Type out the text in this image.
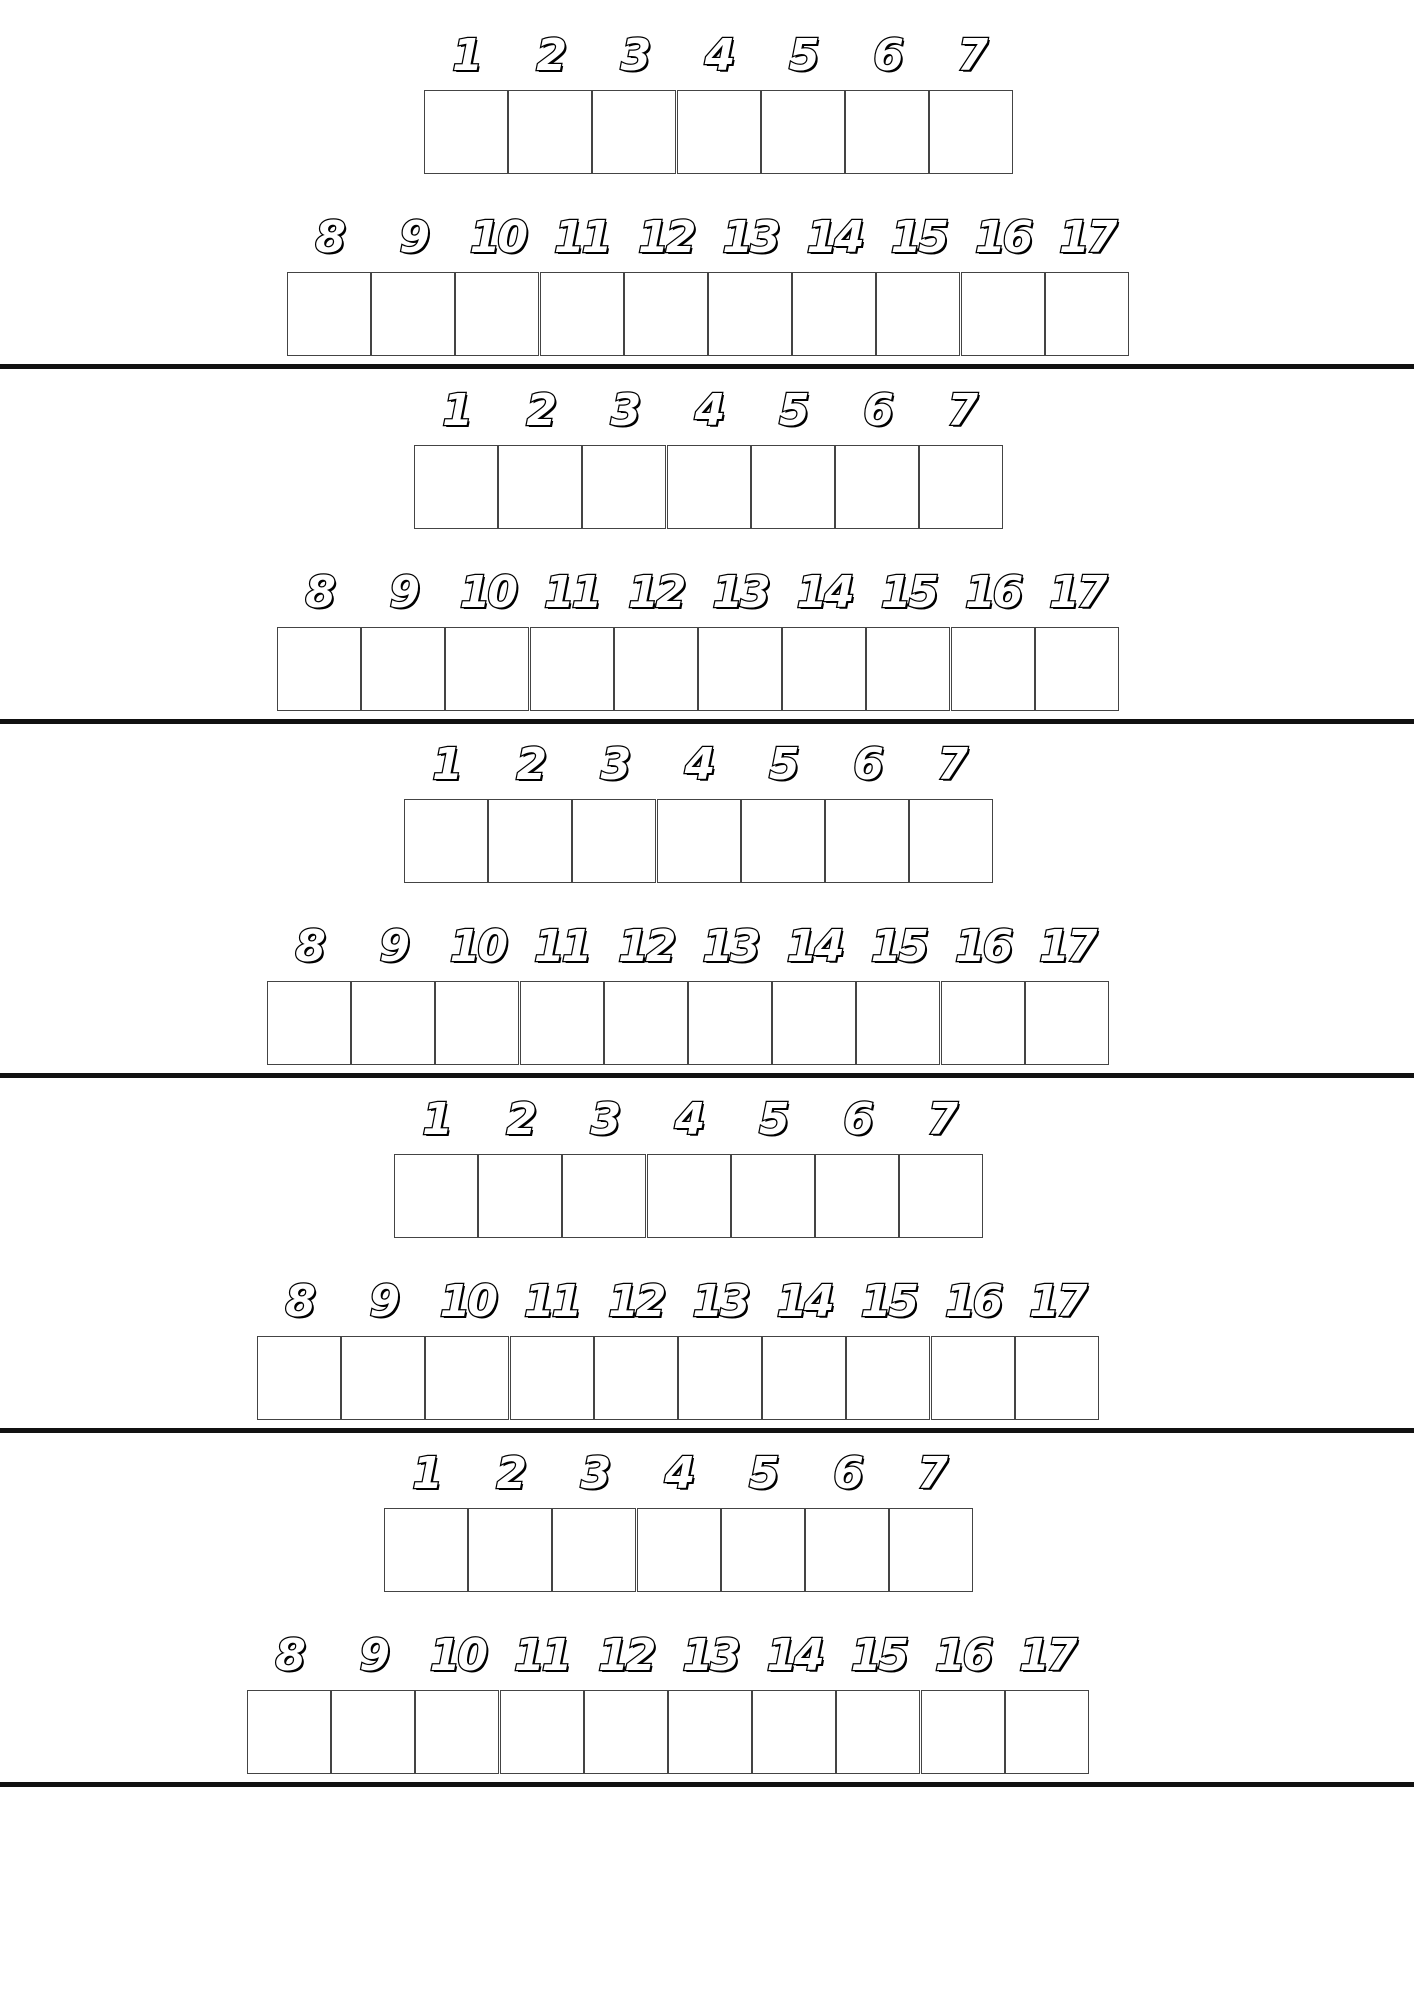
1	2	3	4	5	6	7
8	9 10 11 12 13 14 15 16 17
1	2	3	4	5	6	7
8	9 10 11 12 13 14 15 16 17
1	2	3	4	5	6	7
8	9 10 11 12 13 14 15 16 17
1	2	3	4	5	6	7
8	9 10 11 12 13 14 15 16 17
1	2	3	4	5	6	7
8	9 10 11 12 13 14 15 16 17
